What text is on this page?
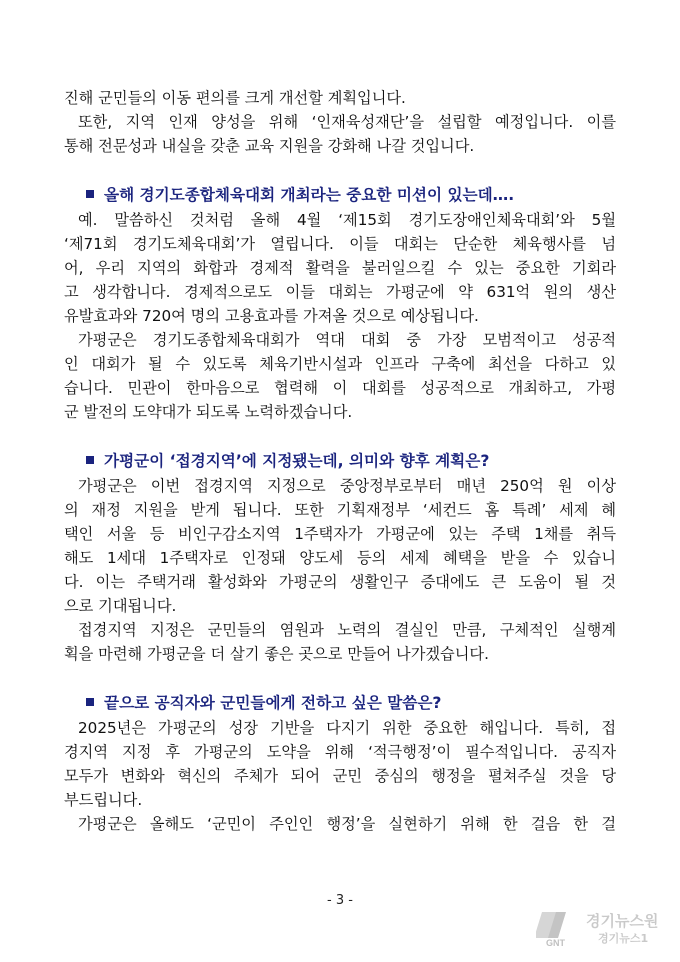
진해 군민들의 이동 편의를 크게 개선할 계획입니다.
또한, 지역 인재 양성을 위해 ‘인재육성재단’을 설립할 예정입니다. 이를
통해 전문성과 내실을 갖춘 교육 지원을 강화해 나갈 것입니다.
올해 경기도종합체육대회 개최라는 중요한 미션이 있는데….
예. 말씀하신 것처럼 올해 4월 ‘제15회 경기도장애인체육대회’와 5월
‘제71회 경기도체육대회’가 열립니다. 이들 대회는 단순한 체육행사를 넘
어, 우리 지역의 화합과 경제적 활력을 불러일으킬 수 있는 중요한 기회라
고 생각합니다. 경제적으로도 이들 대회는 가평군에 약 631억 원의 생산
유발효과와 720여 명의 고용효과를 가져올 것으로 예상됩니다.
가평군은 경기도종합체육대회가 역대 대회 중 가장 모범적이고 성공적
인 대회가 될 수 있도록 체육기반시설과 인프라 구축에 최선을 다하고 있
습니다. 민관이 한마음으로 협력해 이 대회를 성공적으로 개최하고, 가평
군 발전의 도약대가 되도록 노력하겠습니다.
가평군이 ‘접경지역’에 지정됐는데, 의미와 향후 계획은?
가평군은 이번 접경지역 지정으로 중앙정부로부터 매년 250억 원 이상
의 재정 지원을 받게 됩니다. 또한 기획재정부 ‘세컨드 홈 특례’ 세제 혜
택인 서울 등 비인구감소지역 1주택자가 가평군에 있는 주택 1채를 취득
해도 1세대 1주택자로 인정돼 양도세 등의 세제 혜택을 받을 수 있습니
다. 이는 주택거래 활성화와 가평군의 생활인구 증대에도 큰 도움이 될 것
으로 기대됩니다.
접경지역 지정은 군민들의 염원과 노력의 결실인 만큼, 구체적인 실행계
획을 마련해 가평군을 더 살기 좋은 곳으로 만들어 나가겠습니다.
끝으로 공직자와 군민들에게 전하고 싶은 말씀은?
2025년은 가평군의 성장 기반을 다지기 위한 중요한 해입니다. 특히, 접
경지역 지정 후 가평군의 도약을 위해 ‘적극행정’이 필수적입니다. 공직자
모두가 변화와 혁신의 주체가 되어 군민 중심의 행정을 펼쳐주실 것을 당
부드립니다.
가평군은 올해도 ‘군민이 주인인 행정’을 실현하기 위해 한 걸음 한 걸
- 3 -
GNT
경기뉴스원
경기뉴스1
